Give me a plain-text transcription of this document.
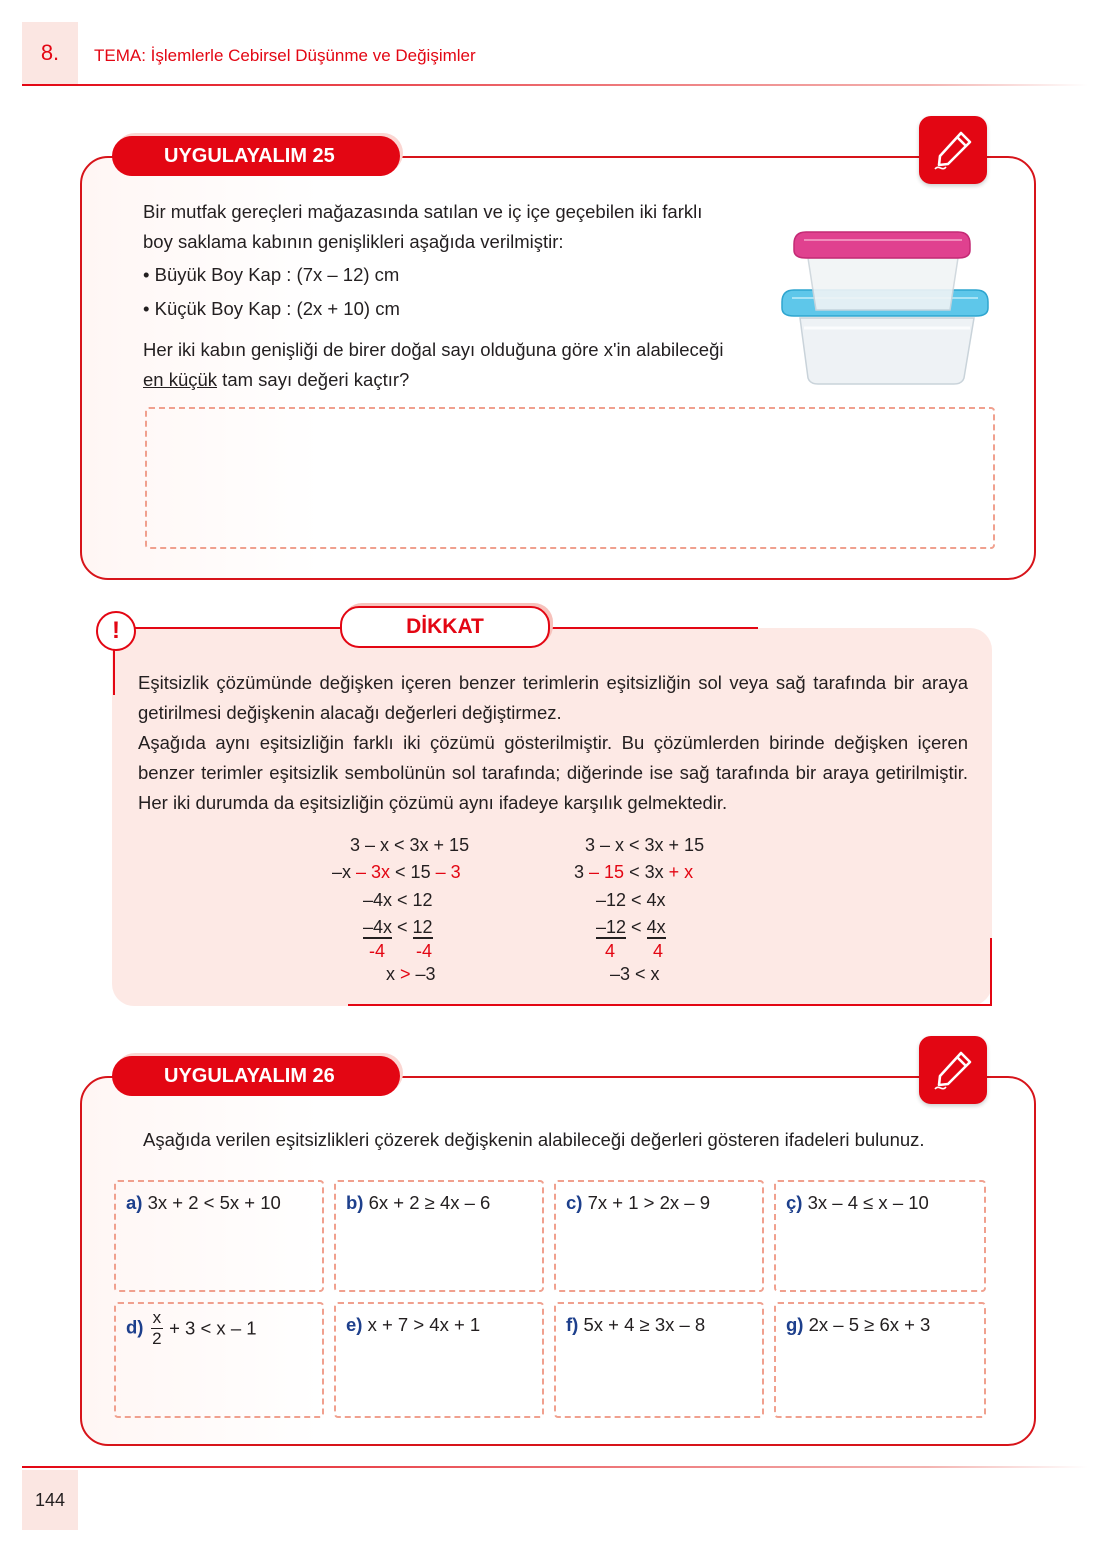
8.	TEMA: İşlemlerle Cebirsel Düşünme ve Değişimler
UYGULAYALIM 25
Bir mutfak gereçleri mağazasında satılan ve iç içe geçebilen iki farklı
boy saklama kabının genişlikleri aşağıda verilmiştir:
• Büyük Boy Kap : (7x – 12) cm
• Küçük Boy Kap : (2x + 10) cm
Her iki kabın genişliği de birer doğal sayı olduğuna göre x'in alabileceği
en küçük tam sayı değeri kaçtır?
!	DİKKAT
Eşitsizlik çözümünde değişken içeren benzer terimlerin eşitsizliğin sol veya sağ tarafında bir araya getirilmesi değişkenin alacağı değerleri değiştirmez.
Aşağıda aynı eşitsizliğin farklı iki çözümü gösterilmiştir. Bu çözümlerden birinde değişken içeren benzer terimler eşitsizlik sembolünün sol tarafında; diğerinde ise sağ tarafında bir araya getirilmiştir. Her iki durumda da eşitsizliğin çözümü aynı ifadeye karşılık gelmektedir.
3 – x < 3x + 15
–x – 3x < 15 – 3
–4x < 12
–4x < 12
-4 -4
x > –3
3 – x < 3x + 15
3 – 15 < 3x + x
–12 < 4x
–12 < 4x
4 4
–3 < x
UYGULAYALIM 26
Aşağıda verilen eşitsizlikleri çözerek değişkenin alabileceği değerleri gösteren ifadeleri bulunuz.
a) 3x + 2 < 5x + 10	b) 6x + 2 ≥ 4x – 6	c) 7x + 1 > 2x – 9	ç) 3x – 4 ≤ x – 10
$d) \frac{x}{2} + 3 < x - 1$	e) x + 7 > 4x + 1	f) 5x + 4 ≥ 3x – 8	g) 2x – 5 ≥ 6x + 3
144
